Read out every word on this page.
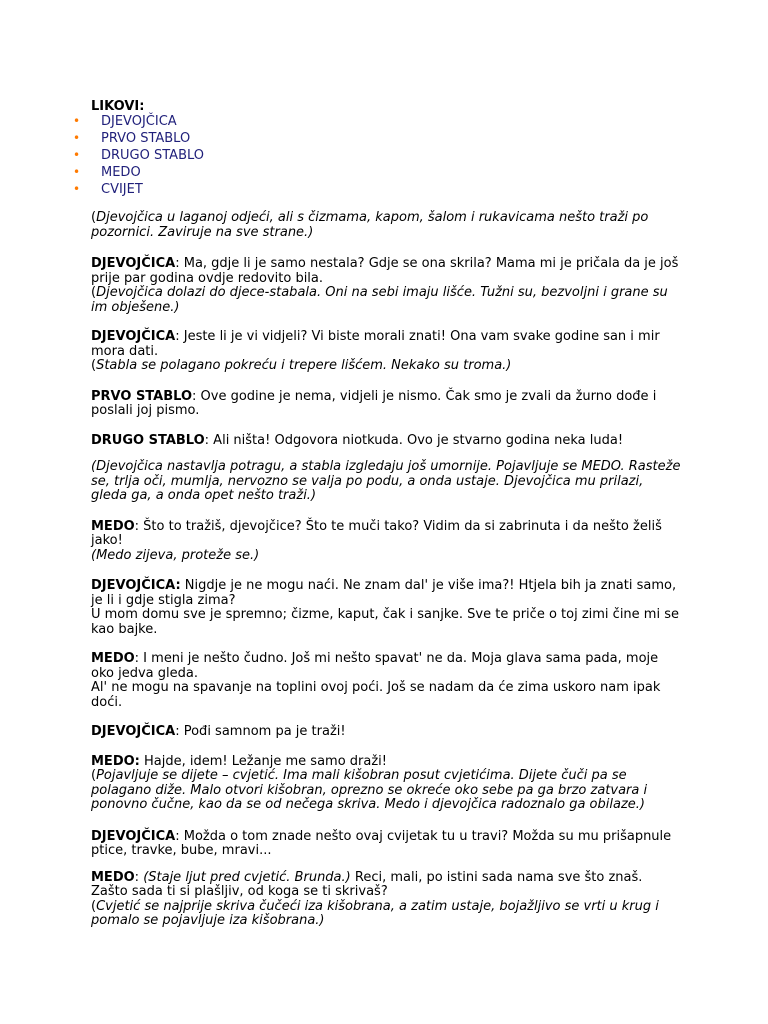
LIKOVI:
• DJEVOJČICA
• PRVO STABLO
• DRUGO STABLO
• MEDO
• CVIJET

(Djevojčica u laganoj odjeći, ali s čizmama, kapom, šalom i rukavicama nešto traži po pozornici. Zaviruje na sve strane.)

DJEVOJČICA: Ma, gdje li je samo nestala? Gdje se ona skrila? Mama mi je pričala da je još prije par godina ovdje redovito bila.

(Djevojčica dolazi do djece-stabala. Oni na sebi imaju lišće. Tužni su, bezvoljni i grane su im obješene.)

DJEVOJČICA: Jeste li je vi vidjeli? Vi biste morali znati! Ona vam svake godine san i mir mora dati.

(Stabla se polagano pokreću i trepere lišćem. Nekako su troma.)

PRVO STABLO: Ove godine je nema, vidjeli je nismo. Čak smo je zvali da žurno dođe i poslali joj pismo.

DRUGO STABLO: Ali ništa! Odgovora niotkuda. Ovo je stvarno godina neka luda!

(Djevojčica nastavlja potragu, a stabla izgledaju još umornije. Pojavljuje se MEDO. Rasteže se, trlja oči, mumlja, nervozno se valja po podu, a onda ustaje. Djevojčica mu prilazi, gleda ga, a onda opet nešto traži.)

MEDO: Što to tražiš, djevojčice? Što te muči tako? Vidim da si zabrinuta i da nešto želiš jako!

(Medo zijeva, proteže se.)

DJEVOJČICA: Nigdje je ne mogu naći. Ne znam dal' je više ima?! Htjela bih ja znati samo, je li i gdje stigla zima?

U mom domu sve je spremno; čizme, kaput, čak i sanjke. Sve te priče o toj zimi čine mi se kao bajke.

MEDO: I meni je nešto čudno. Još mi nešto spavat' ne da. Moja glava sama pada, moje oko jedva gleda.

Al' ne mogu na spavanje na toplini ovoj poći. Još se nadam da će zima uskoro nam ipak doći.

DJEVOJČICA: Pođi samnom pa je traži!

MEDO: Hajde, idem! Ležanje me samo draži!

(Pojavljuje se dijete – cvjetić. Ima mali kišobran posut cvjetićima. Dijete čuči pa se polagano diže. Malo otvori kišobran, oprezno se okreće oko sebe pa ga brzo zatvara i ponovno čučne, kao da se od nečega skriva. Medo i djevojčica radoznalo ga obilaze.)

DJEVOJČICA: Možda o tom znade nešto ovaj cvijetak tu u travi? Možda su mu prišapnule ptice, travke, bube, mravi...

MEDO: (Staje ljut pred cvjetić. Brunda.) Reci, mali, po istini sada nama sve što znaš. Zašto sada ti si plašljiv, od koga se ti skrivaš?

(Cvjetić se najprije skriva čučeći iza kišobrana, a zatim ustaje, bojažljivo se vrti u krug i pomalo se pojavljuje iza kišobrana.)
